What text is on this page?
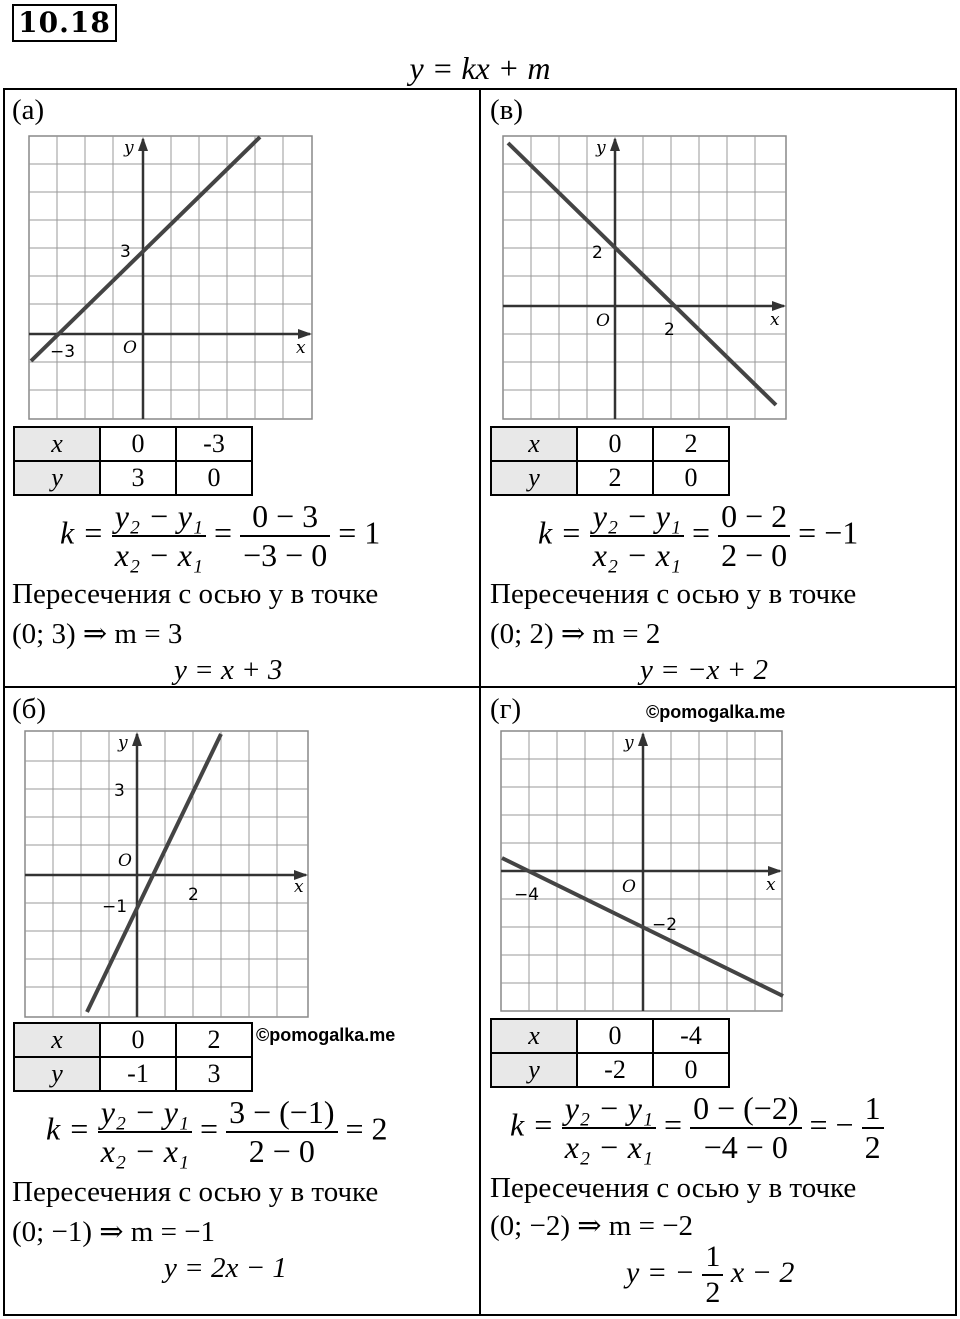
10.18
y = kx + m
(а)
3
−3	O	x
y
x	0	-3
y	3	0
$k = \frac{\text{y₂ − y₁}}{\text{x₂ − x₁}} = \frac{0 - 3}{-3 - 0} = 1$
Пересечения с осью y в точке
(0; 3) ⇒ m = 3
y = x + 3
(в)
2
2
O	x
y
x	0	2
y	2	0
$k = \frac{\text{y₂ − y₁}}{\text{x₂ − x₁}} = \frac{0 - 2}{2 - 0} = -1$
Пересечения с осью y в точке
(0; 2) ⇒ m = 2
y = −x + 2
(б)
3
−1
2
O
x
y
x	0	2
y	-1	3
©pomogalka.me
$k = \frac{\text{y₂ − y₁}}{\text{x₂ − x₁}} = \frac{3 - (-1)}{2 - 0} = 2$
Пересечения с осью y в точке
(0; −1) ⇒ m = −1
y = 2x − 1
(г)	©pomogalka.me
−4
−2
O	x
y
x	0	-4
y	-2	0
$k = \frac{\text{y₂ − y₁}}{\text{x₂ − x₁}} = \frac{0 - (-2)}{-4 - 0}$ = − $\frac{1}{2}$
Пересечения с осью y в точке
(0; −2) ⇒ m = −2
y = − $\frac{1}{2}$ x − 2
